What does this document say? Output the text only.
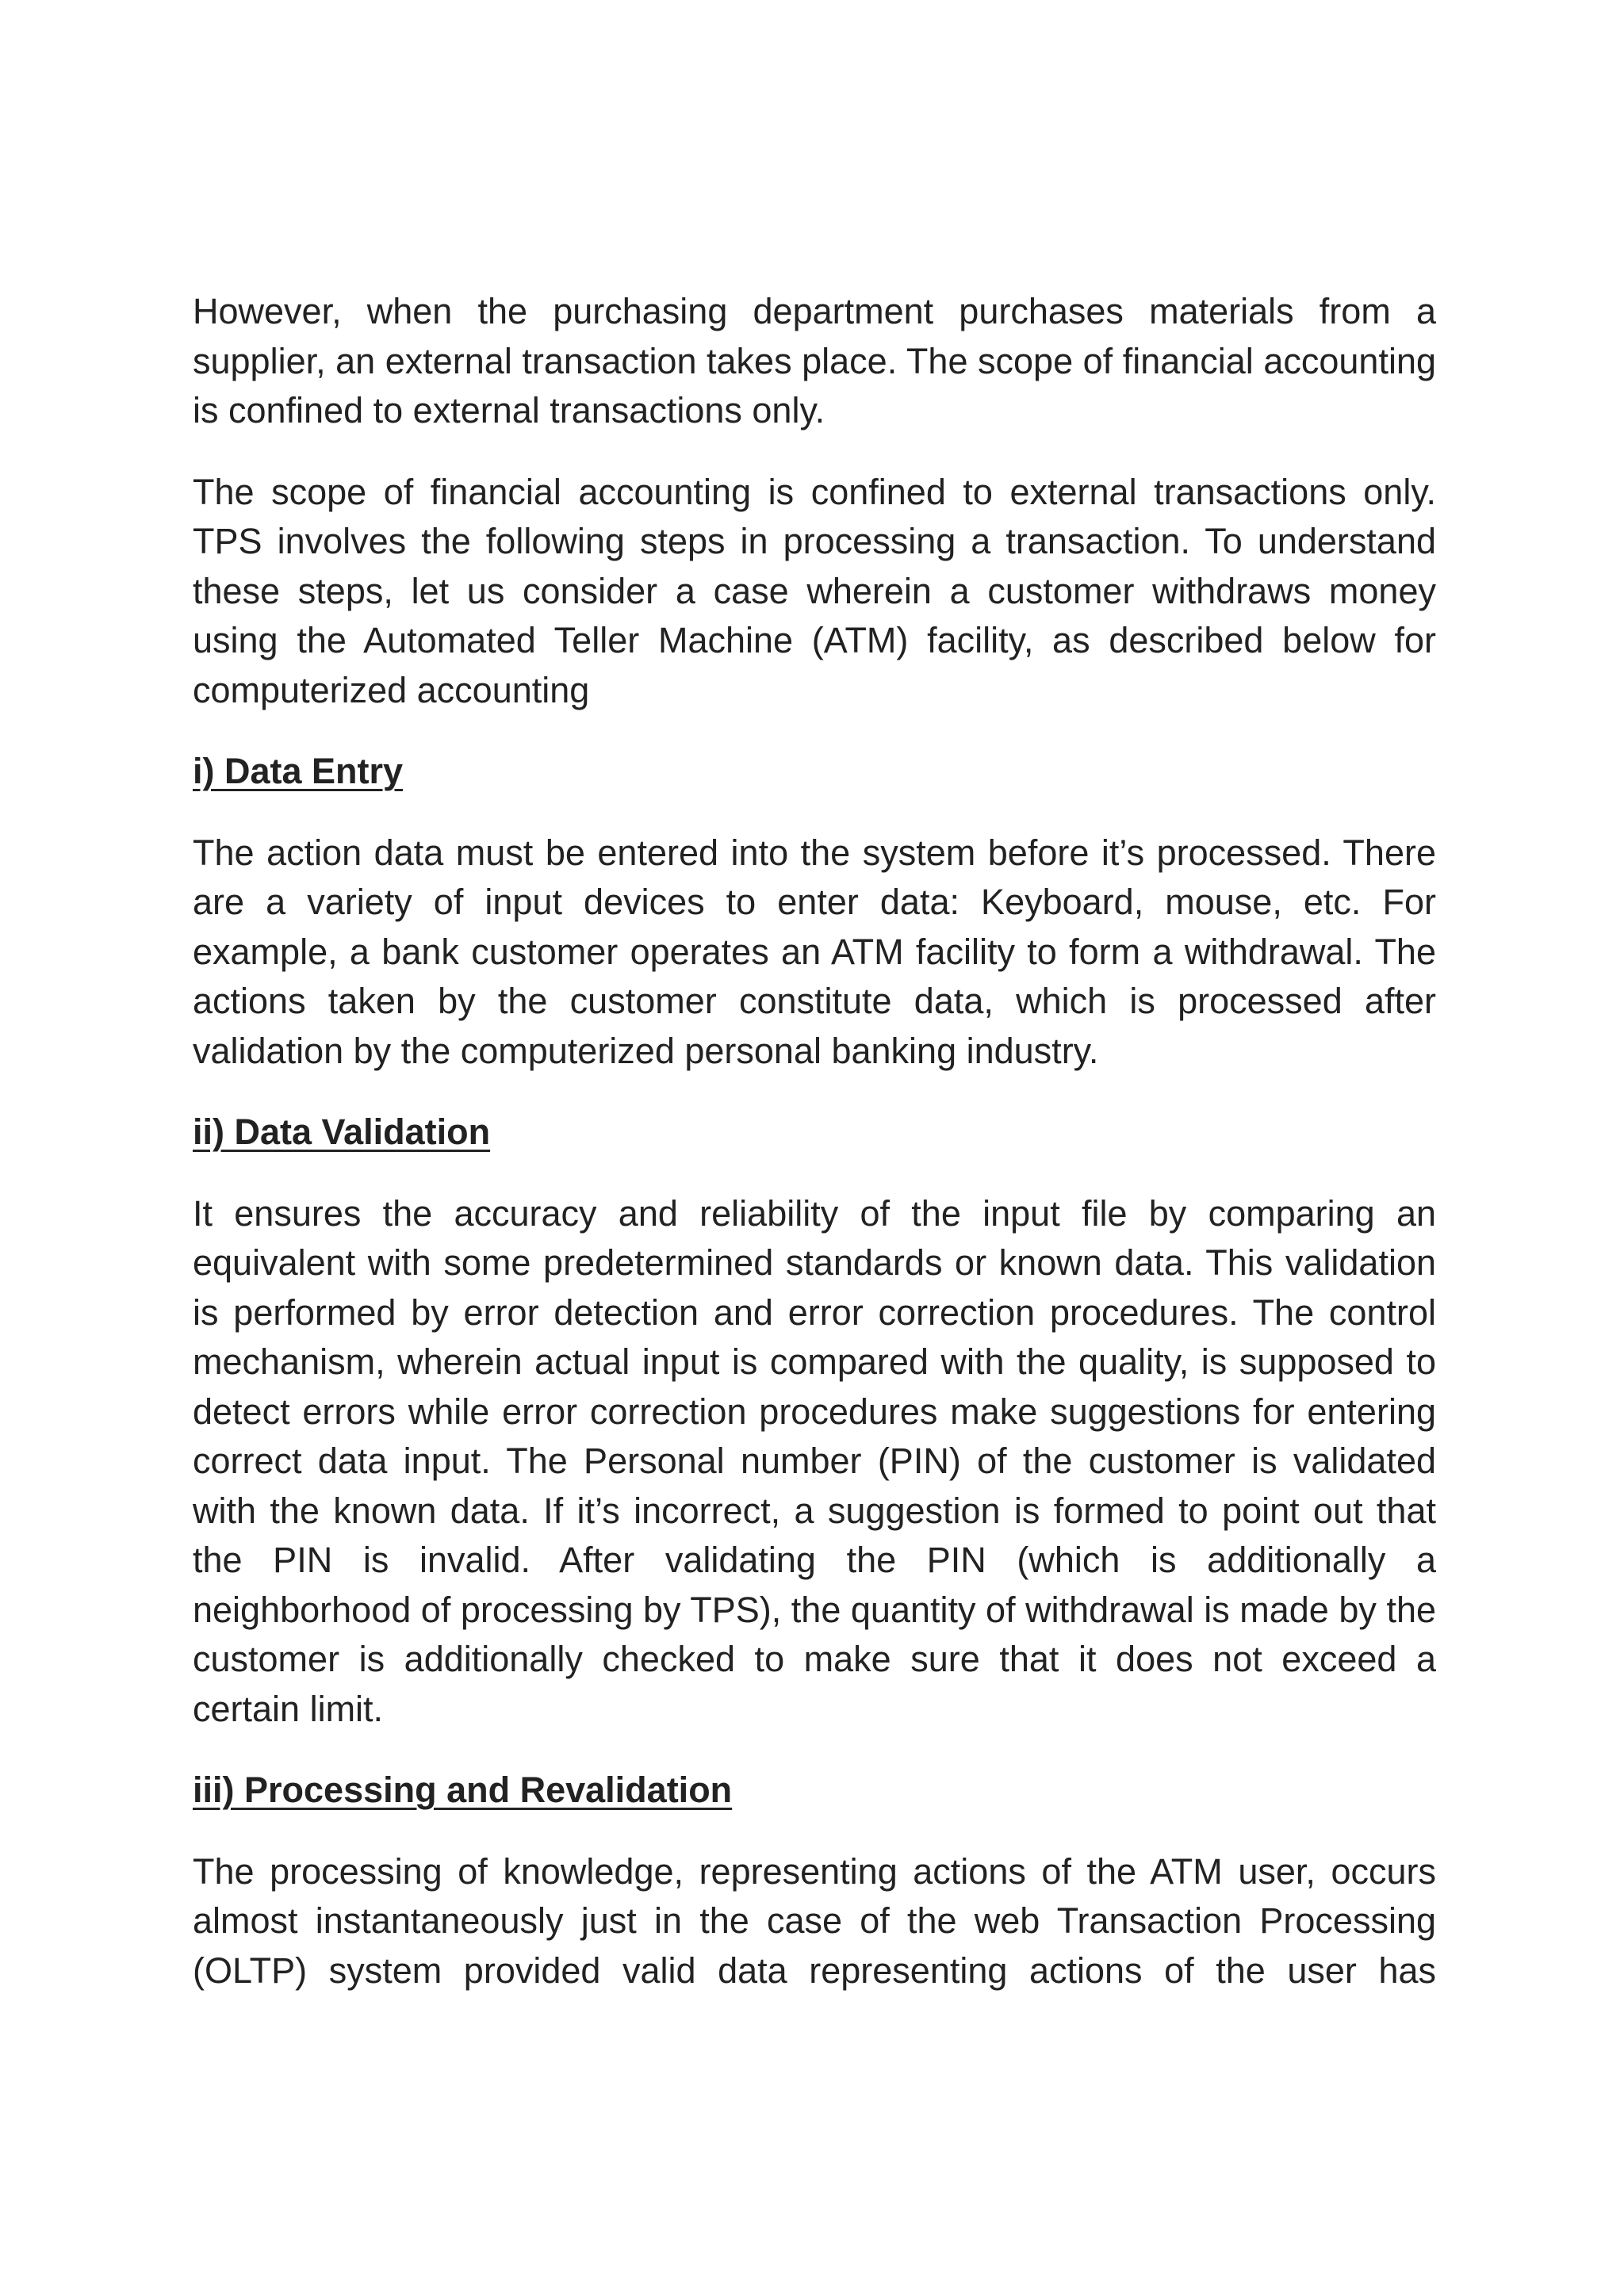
However, when the purchasing department purchases materials from a supplier, an external transaction takes place. The scope of financial accounting is confined to external transactions only.

The scope of financial accounting is confined to external transactions only. TPS involves the following steps in processing a transaction. To understand these steps, let us consider a case wherein a customer withdraws money using the Automated Teller Machine (ATM) facility, as described below for computerized accounting

i) Data Entry

The action data must be entered into the system before it’s processed. There are a variety of input devices to enter data: Keyboard, mouse, etc. For example, a bank customer operates an ATM facility to form a withdrawal. The actions taken by the customer constitute data, which is processed after validation by the computerized personal banking industry.

ii) Data Validation

It ensures the accuracy and reliability of the input file by comparing an equivalent with some predetermined standards or known data. This validation is performed by error detection and error correction procedures. The control mechanism, wherein actual input is compared with the quality, is supposed to detect errors while error correction procedures make suggestions for entering correct data input. The Personal number (PIN) of the customer is validated with the known data. If it’s incorrect, a suggestion is formed to point out that the PIN is invalid. After validating the PIN (which is additionally a neighborhood of processing by TPS), the quantity of withdrawal is made by the customer is additionally checked to make sure that it does not exceed a certain limit.

iii) Processing and Revalidation

The processing of knowledge, representing actions of the ATM user, occurs almost instantaneously just in the case of the web Transaction Processing (OLTP) system provided valid data representing actions of the user has
